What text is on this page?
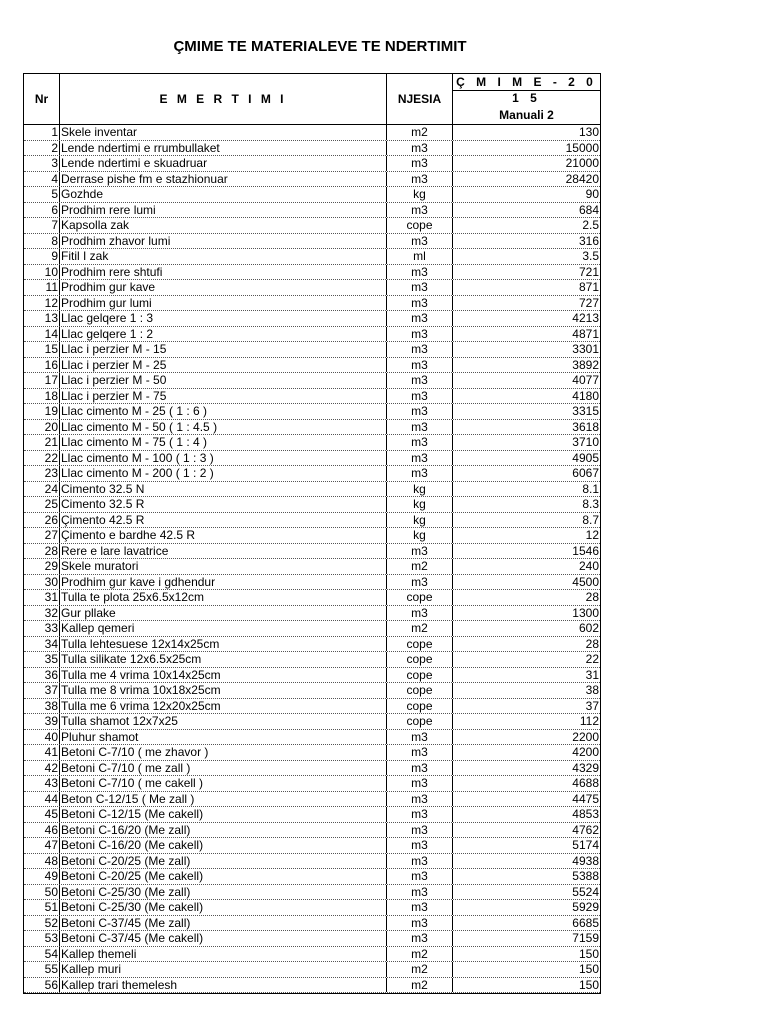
ÇMIME TE MATERIALEVE TE NDERTIMIT
Nr	E M E R T I M I	NJESIA
Ç M I M E - 2 0 1 5
Manuali 2
1 Skele inventar	m2	130
2 Lende ndertimi e rrumbullaket	m3	15000
3 Lende ndertimi e skuadruar	m3	21000
4 Derrase pishe fm e stazhionuar	m3	28420
5 Gozhde	kg	90
6 Prodhim rere lumi	m3	684
7 Kapsolla zak	cope	2.5
8 Prodhim zhavor lumi	m3	316
9 Fitil I zak	ml	3.5
10 Prodhim rere shtufi	m3	721
11 Prodhim gur kave	m3	871
12 Prodhim gur lumi	m3	727
13 Llac gelqere 1 : 3	m3	4213
14 Llac gelqere 1 : 2	m3	4871
15 Llac i perzier M - 15	m3	3301
16 Llac i perzier M - 25	m3	3892
17 Llac i perzier M - 50	m3	4077
18 Llac i perzier M - 75	m3	4180
19 Llac cimento M - 25 ( 1 : 6 )	m3	3315
20 Llac cimento M - 50 ( 1 : 4.5 )	m3	3618
21 Llac cimento M - 75 ( 1 : 4 )	m3	3710
22 Llac cimento M - 100 ( 1 : 3 )	m3	4905
23 Llac cimento M - 200 ( 1 : 2 )	m3	6067
24 Cimento 32.5 N	kg	8.1
25 Cimento 32.5 R	kg	8.3
26 Çimento 42.5 R	kg	8.7
27 Çimento e bardhe 42.5 R	kg	12
28 Rere e lare lavatrice	m3	1546
29 Skele muratori	m2	240
30 Prodhim gur kave i gdhendur	m3	4500
31 Tulla te plota 25x6.5x12cm	cope	28
32 Gur pllake	m3	1300
33 Kallep qemeri	m2	602
34 Tulla lehtesuese 12x14x25cm	cope	28
35 Tulla silikate 12x6.5x25cm	cope	22
36 Tulla me 4 vrima 10x14x25cm	cope	31
37 Tulla me 8 vrima 10x18x25cm	cope	38
38 Tulla me 6 vrima 12x20x25cm	cope	37
39 Tulla shamot 12x7x25	cope	112
40 Pluhur shamot	m3	2200
41 Betoni C-7/10 ( me zhavor )	m3	4200
42 Betoni C-7/10 ( me zall )	m3	4329
43 Betoni C-7/10 ( me cakell )	m3	4688
44 Beton C-12/15 ( Me zall )	m3	4475
45 Betoni C-12/15 (Me cakell)	m3	4853
46 Betoni C-16/20 (Me zall)	m3	4762
47 Betoni C-16/20 (Me cakell)	m3	5174
48 Betoni C-20/25 (Me zall)	m3	4938
49 Betoni C-20/25 (Me cakell)	m3	5388
50 Betoni C-25/30 (Me zall)	m3	5524
51 Betoni C-25/30 (Me cakell)	m3	5929
52 Betoni C-37/45 (Me zall)	m3	6685
53 Betoni C-37/45 (Me cakell)	m3	7159
54 Kallep themeli	m2	150
55 Kallep muri	m2	150
56 Kallep trari themelesh	m2	150
